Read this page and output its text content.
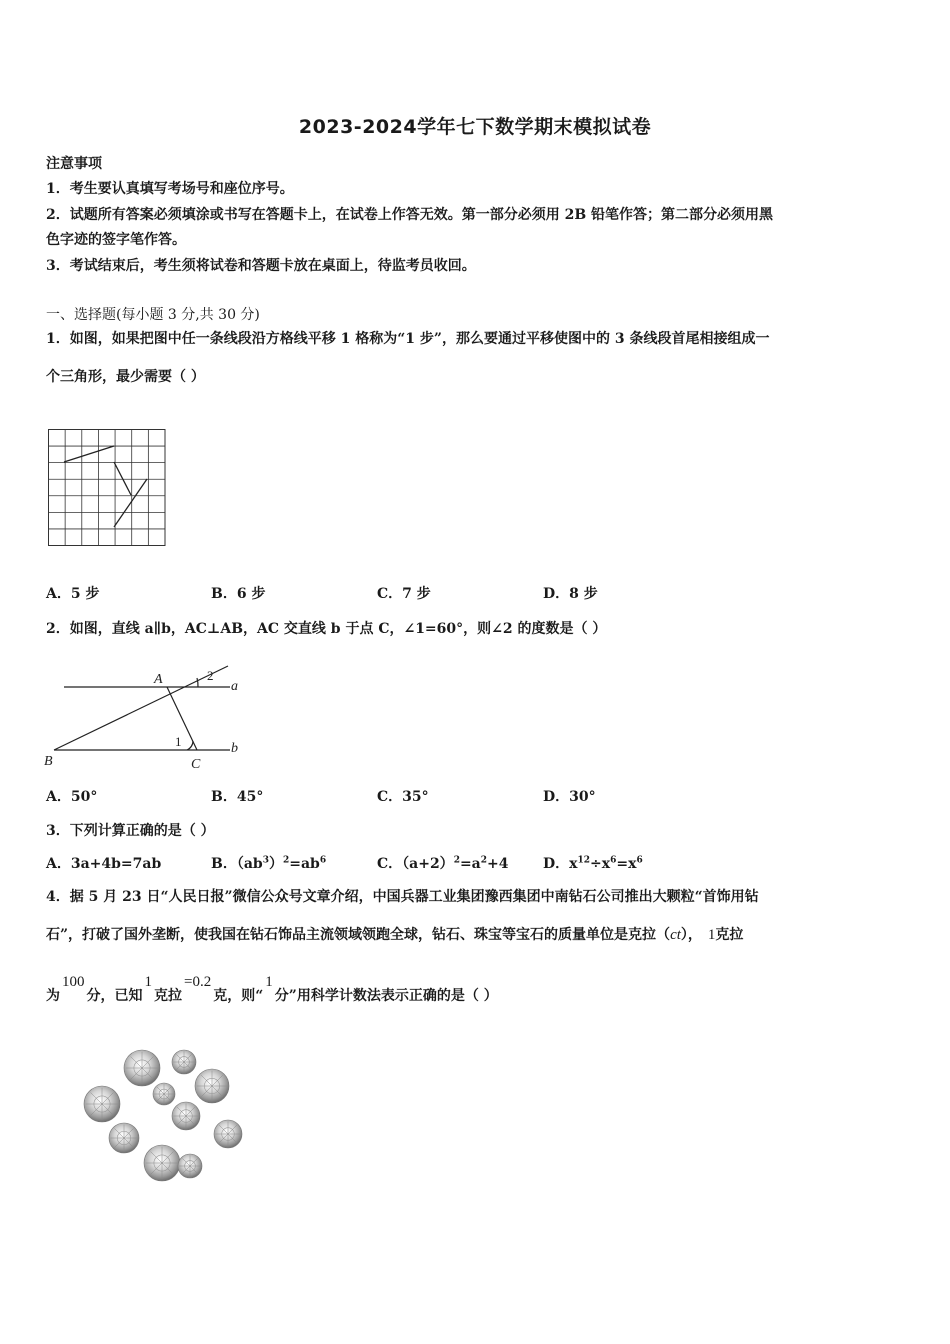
2023-2024学年七下数学期末模拟试卷
注意事项
1．考生要认真填写考场号和座位序号。
2．试题所有答案必须填涂或书写在答题卡上，在试卷上作答无效。第一部分必须用 2B 铅笔作答；第二部分必须用黑
色字迹的签字笔作答。
3．考试结束后，考生须将试卷和答题卡放在桌面上，待监考员收回。
一、选择题(每小题 3 分,共 30 分)
1．如图，如果把图中任一条线段沿方格线平移 1 格称为“1 步”，那么要通过平移使图中的 3 条线段首尾相接组成一
个三角形，最少需要（ ）
A．5 步	B．6 步	C．7 步	D．8 步
2．如图，直线 a∥b，AC⊥AB，AC 交直线 b 于点 C，∠1=60°，则∠2 的度数是（ ）
A
B	C
a
b
1
2
A．50°	B．45°	C．35°	D．30°
3．下列计算正确的是（ ）
A．3a+4b=7ab	B．$(ab^3)^2=ab^6$	C．$(a+2)^2=a^2+4$ D．$x^{12}\div x^6=x^6$
4．据 5 月 23 日“人民日报”微信公众号文章介绍，中国兵器工业集团豫西集团中南钻石公司推出大颗粒“首饰用钻
石”，打破了国外垄断，使我国在钻石饰品主流领域领跑全球，钻石、珠宝等宝石的质量单位是克拉（ct）， 1克拉
为100分，已知1克拉=0.2克，则“1分”用科学计数法表示正确的是（ ）
